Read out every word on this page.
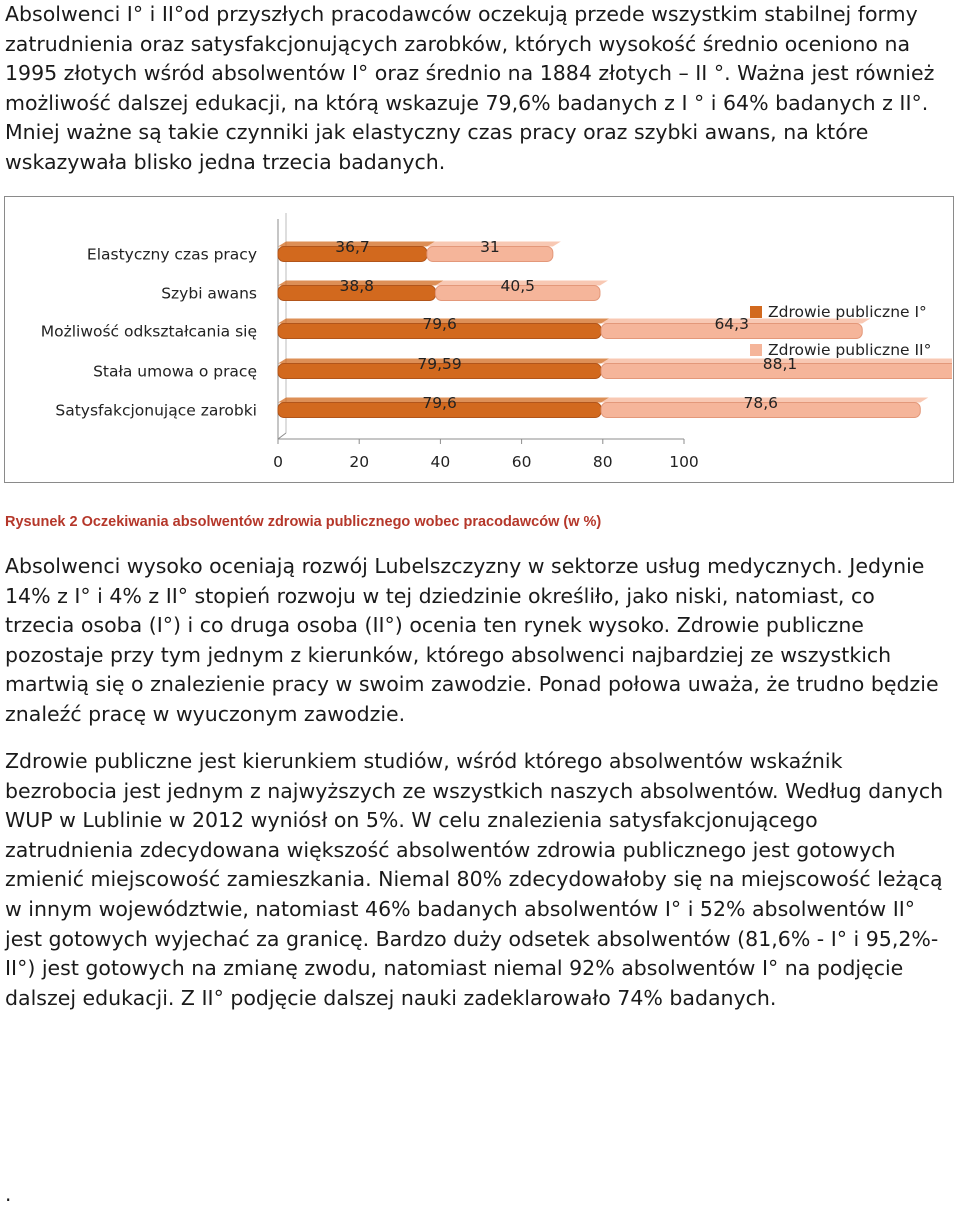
Absolwenci I° i II°od przyszłych pracodawców oczekują przede wszystkim stabilnej formy zatrudnienia oraz satysfakcjonujących zarobków, których wysokość średnio oceniono na 1995 złotych wśród absolwentów I° oraz średnio na 1884 złotych – II °. Ważna jest również możliwość dalszej edukacji, na którą wskazuje 79,6% badanych z I ° i 64% badanych z II°. Mniej ważne są takie czynniki jak elastyczny czas pracy oraz szybki awans, na które wskazywała blisko jedna trzecia badanych.

Elastyczny czas pracy
Szybi awans
Możliwość odkształcania się
Stała umowa o pracę
Satysfakcjonujące zarobki
36,7	31
38,8	40,5
79,6	64,3
79,59	88,1
79,6	78,6
0	20	40	60	80	100
Zdrowie publiczne I°
Zdrowie publiczne II°
Rysunek 2 Oczekiwania absolwentów zdrowia publicznego wobec pracodawców (w %)

Absolwenci wysoko oceniają rozwój Lubelszczyzny w sektorze usług medycznych. Jedynie 14% z I° i 4% z II° stopień rozwoju w tej dziedzinie określiło, jako niski, natomiast, co trzecia osoba (I°) i co druga osoba (II°) ocenia ten rynek wysoko. Zdrowie publiczne pozostaje przy tym jednym z kierunków, którego absolwenci najbardziej ze wszystkich martwią się o znalezienie pracy w swoim zawodzie. Ponad połowa uważa, że trudno będzie znaleźć pracę w wyuczonym zawodzie.

Zdrowie publiczne jest kierunkiem studiów, wśród którego absolwentów wskaźnik bezrobocia jest jednym z najwyższych ze wszystkich naszych absolwentów. Według danych WUP w Lublinie w 2012 wyniósł on 5%. W celu znalezienia satysfakcjonującego zatrudnienia zdecydowana większość absolwentów zdrowia publicznego jest gotowych zmienić miejscowość zamieszkania. Niemal 80% zdecydowałoby się na miejscowość leżącą w innym województwie, natomiast 46% badanych absolwentów I° i 52% absolwentów II° jest gotowych wyjechać za granicę. Bardzo duży odsetek absolwentów (81,6% - I° i 95,2%-II°) jest gotowych na zmianę zwodu, natomiast niemal 92% absolwentów I° na podjęcie dalszej edukacji. Z II° podjęcie dalszej nauki zadeklarowało 74% badanych.

.
